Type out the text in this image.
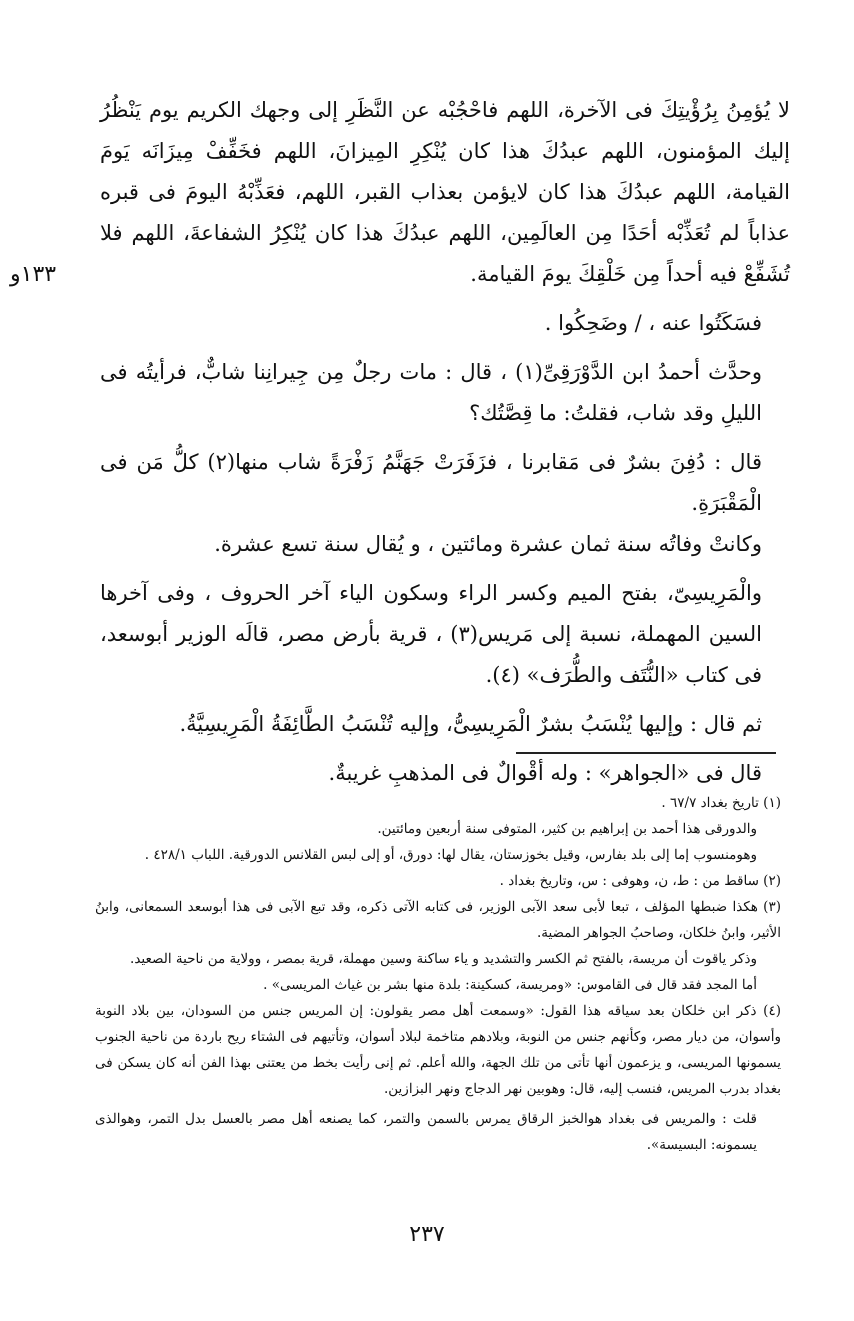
١٣٣و

لا يُؤمِنُ بِرُؤْيتِكَ فى الآخرة، اللهم فاحْجُبْه عن النَّظَرِ إلى وجهك الكريم يوم يَنْظُرُ إليك المؤمنون، اللهم عبدُكَ هذا كان يُنْكِرِ المِيزانَ، اللهم فخَفِّفْ مِيزَانَه يَومَ القيامة، اللهم عبدُكَ هذا كان لايؤمن بعذاب القبر، اللهم، فعَذِّبْهُ اليومَ فى قبره عذاباً لم تُعَذِّبْه أحَدًا مِن العالَمِين، اللهم عبدُكَ هذا كان يُنْكِرُ الشفاعةَ، اللهم فلا تُشَفِّعْ فيه أحداً مِن خَلْقِكَ يومَ القيامة.

فسَكَتُوا عنه ، / وضَحِكُوا .

وحدَّث أحمدُ ابن الدَّوْرَقِىِّ(١) ، قال : مات رجلٌ مِن جِيرانِنا شابٌّ، فرأيتُه فى الليلِ وقد شاب، فقلتُ: ما قِصَّتُك؟

قال : دُفِنَ بشرٌ فى مَقابرنا ، فزَفَرَتْ جَهَنَّمُ زَفْرَةً شاب منها(٢) كلُّ مَن فى الْمَقْبَرَةِ.

وكانتْ وفاتُه سنة ثمان عشرة ومائتين ، و يُقال سنة تسع عشرة.

والْمَرِيسِىّ، بفتح الميم وكسر الراء وسكون الياء آخر الحروف ، وفى آخرها السين المهملة، نسبة إلى مَريس(٣) ، قرية بأرض مصر، قالَه الوزير أبوسعد، فى كتاب «النُّتَف والطُّرَف» (٤).

ثم قال : وإليها يُنْسَبُ بشرٌ الْمَرِيسِىُّ، وإليه تُنْسَبُ الطَّائِفَةُ الْمَرِيسِيَّةُ.

قال فى «الجواهر» : وله أقْوالٌ فى المذهبِ غريبةٌ.

(١) تاريخ بغداد ٦٧/٧ .

والدورقى هذا أحمد بن إبراهيم بن كثير، المتوفى سنة أربعين ومائتين.

وهومنسوب إما إلى بلد بفارس، وقيل بخوزستان، يقال لها: دورق، أو إلى لبس القلانس الدورقية. اللباب ٤٢٨/١ .

(٢) ساقط من : ط، ن، وهوفى : س، وتاريخ بغداد .

(٣) هكذا ضبطها المؤلف ، تبعا لأبى سعد الآبى الوزير، فى كتابه الآتى ذكره، وقد تبع الآبى فى هذا أبوسعد السمعانى، وابنُ الأثير، وابنُ خلكان، وصاحبُ الجواهر المضية.

وذكر ياقوت أن مريسة، بالفتح ثم الكسر والتشديد و ياء ساكنة وسين مهملة، قرية بمصر ، وولاية من ناحية الصعيد.

أما المجد فقد قال فى القاموس: «ومريسة، كسكينة: بلدة منها بشر بن غياث المريسى» .

(٤) ذكر ابن خلكان بعد سياقه هذا القول: «وسمعت أهل مصر يقولون: إن المريس جنس من السودان، بين بلاد النوبة وأسوان، من ديار مصر، وكأنهم جنس من النوبة، وبلادهم متاخمة لبلاد أسوان، وتأتيهم فى الشتاء ريح باردة من ناحية الجنوب يسمونها المريسى، و يزعمون أنها تأتى من تلك الجهة، والله أعلم. ثم إنى رأيت بخط من يعتنى بهذا الفن أنه كان يسكن فى بغداد بدرب المريس، فنسب إليه، قال: وهوبين نهر الدجاج ونهر البزازين.

قلت : والمريس فى بغداد هوالخبز الرقاق يمرس بالسمن والتمر، كما يصنعه أهل مصر بالعسل بدل التمر، وهوالذى يسمونه: البسيسة».

٢٣٧
